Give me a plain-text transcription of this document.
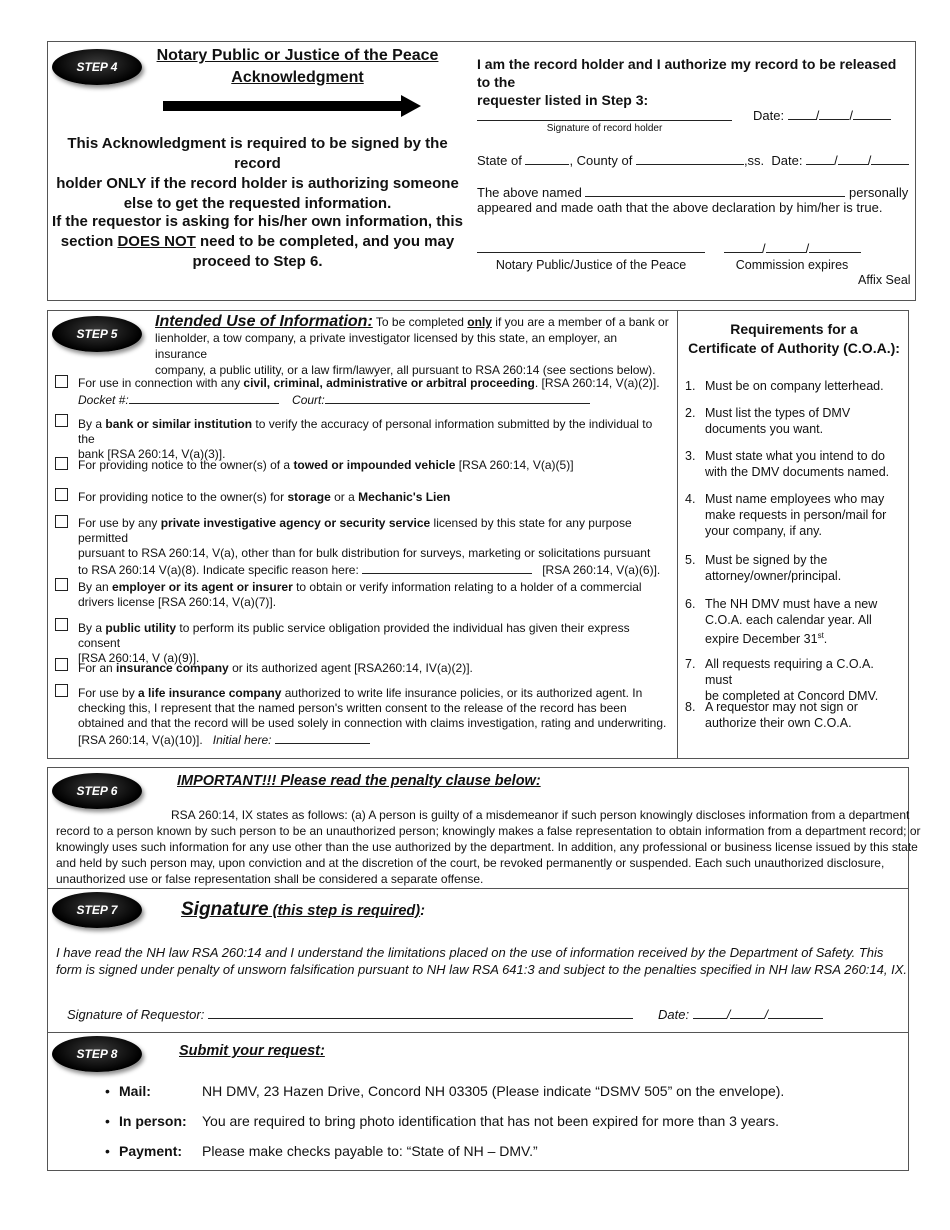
STEP 4
Notary Public or Justice of the Peace
Acknowledgment
This Acknowledgment is required to be signed by the record
holder ONLY if the record holder is authorizing someone
else to get the requested information.
If the requestor is asking for his/her own information, this
section DOES NOT need to be completed, and you may
proceed to Step 6.
I am the record holder and I authorize my record to be released to the
requester listed in Step 3:
Signature of record holder
Date: / /
State of	, County of	,ss. Date: / /
The above named	personally
appeared and made oath that the above declaration by him/her is true.
Notary Public/Justice of the Peace
/	/
Commission expires
Affix Seal
STEP 5
Intended Use of Information: To be completed only if you are a member of a bank or
lienholder, a tow company, a private investigator licensed by this state, an employer, an insurance
company, a public utility, or a law firm/lawyer, all pursuant to RSA 260:14 (see sections below).
For use in connection with any civil, criminal, administrative or arbitral proceeding. [RSA 260:14, V(a)(2)].
Docket #:	Court:
By a bank or similar institution to verify the accuracy of personal information submitted by the individual to the
bank [RSA 260:14, V(a)(3)].
For providing notice to the owner(s) of a towed or impounded vehicle [RSA 260:14, V(a)(5)]
For providing notice to the owner(s) for storage or a Mechanic's Lien
For use by any private investigative agency or security service licensed by this state for any purpose permitted
pursuant to RSA 260:14, V(a), other than for bulk distribution for surveys, marketing or solicitations pursuant
to RSA 260:14 V(a)(8). Indicate specific reason here:	[RSA 260:14, V(a)(6)].
By an employer or its agent or insurer to obtain or verify information relating to a holder of a commercial
drivers license [RSA 260:14, V(a)(7)].
By a public utility to perform its public service obligation provided the individual has given their express consent
[RSA 260:14, V (a)(9)].
For an insurance company or its authorized agent [RSA260:14, IV(a)(2)].
For use by a life insurance company authorized to write life insurance policies, or its authorized agent. In
checking this, I represent that the named person's written consent to the release of the record has been
obtained and that the record will be used solely in connection with claims investigation, rating and underwriting.
[RSA 260:14, V(a)(10)]. Initial here:
Requirements for a
Certificate of Authority (C.O.A.):
1. Must be on company letterhead.
2. Must list the types of DMV
documents you want.
3. Must state what you intend to do
with the DMV documents named.
4. Must name employees who may
make requests in person/mail for
your company, if any.
5. Must be signed by the
attorney/owner/principal.
6. The NH DMV must have a new
C.O.A. each calendar year. All
expire December 31st.
7. All requests requiring a C.O.A. must
be completed at Concord DMV.
8. A requestor may not sign or
authorize their own C.O.A.
STEP 6
IMPORTANT!!! Please read the penalty clause below:
RSA 260:14, IX states as follows: (a) A person is guilty of a misdemeanor if such person knowingly discloses information from a department
record to a person known by such person to be an unauthorized person; knowingly makes a false representation to obtain information from a department record; or
knowingly uses such information for any use other than the use authorized by the department. In addition, any professional or business license issued by this state
and held by such person may, upon conviction and at the discretion of the court, be revoked permanently or suspended. Each such unauthorized disclosure,
unauthorized use or false representation shall be considered a separate offense.
STEP 7	Signature (this step is required):
I have read the NH law RSA 260:14 and I understand the limitations placed on the use of information received by the Department of Safety. This
form is signed under penalty of unsworn falsification pursuant to NH law RSA 641:3 and subject to the penalties specified in NH law RSA 260:14, IX.
Signature of Requestor:	Date:	/	/
STEP 8	Submit your request:
• Mail:	NH DMV, 23 Hazen Drive, Concord NH 03305 (Please indicate “DSMV 505” on the envelope).
• In person: You are required to bring photo identification that has not been expired for more than 3 years.
• Payment: Please make checks payable to: “State of NH – DMV.”
